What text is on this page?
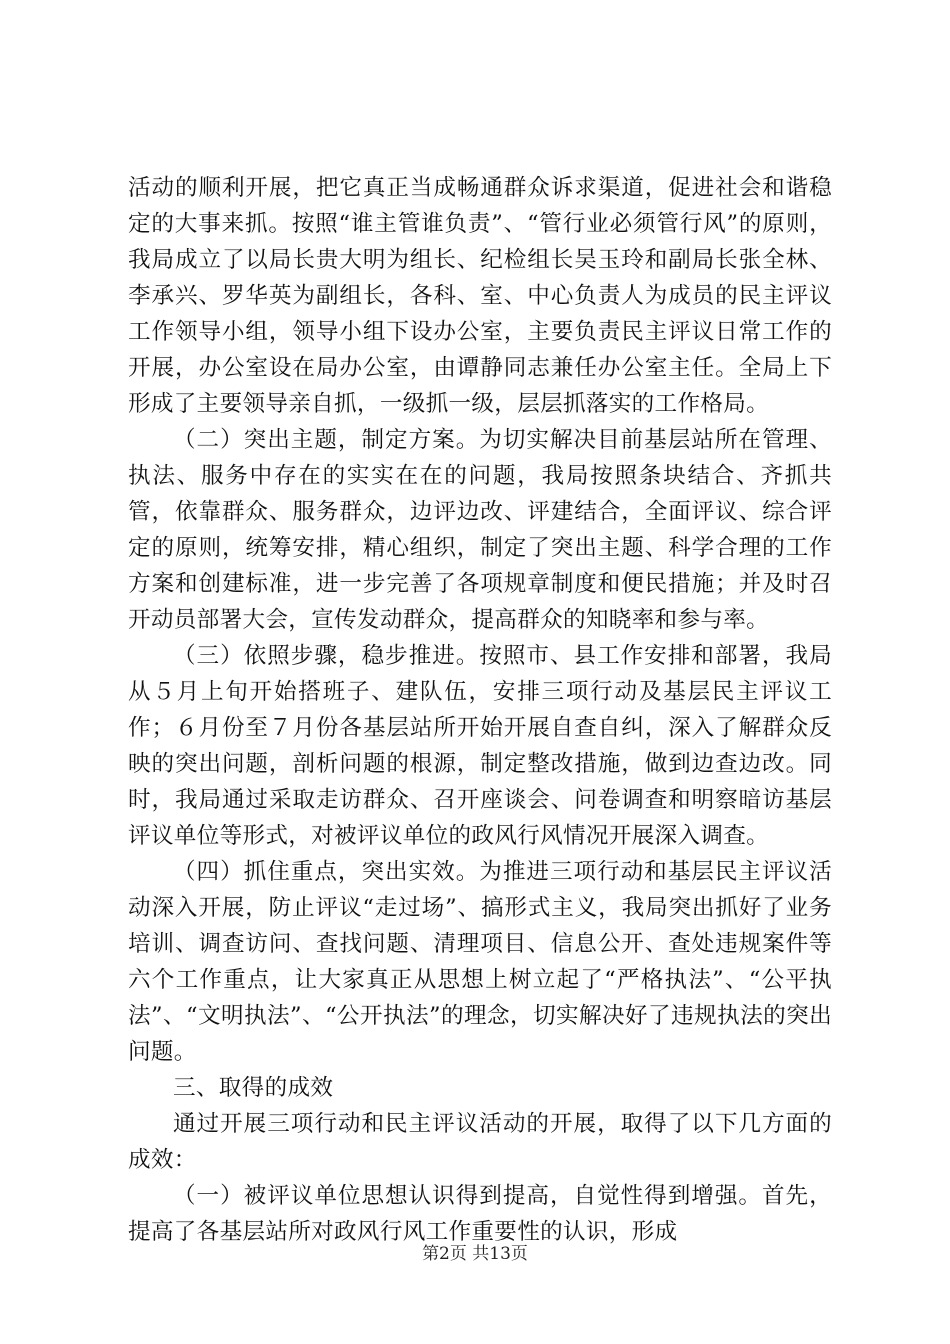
活动的顺利开展，把它真正当成畅通群众诉求渠道，促进社会和谐稳定的大事来抓。按照“谁主管谁负责”、“管行业必须管行风”的原则，我局成立了以局长贵大明为组长、纪检组长吴玉玲和副局长张全林、李承兴、罗华英为副组长，各科、室、中心负责人为成员的民主评议工作领导小组，领导小组下设办公室，主要负责民主评议日常工作的开展，办公室设在局办公室，由谭静同志兼任办公室主任。全局上下形成了主要领导亲自抓，一级抓一级，层层抓落实的工作格局。

（二）突出主题，制定方案。为切实解决目前基层站所在管理、执法、服务中存在的实实在在的问题，我局按照条块结合、齐抓共管，依靠群众、服务群众，边评边改、评建结合，全面评议、综合评定的原则，统筹安排，精心组织，制定了突出主题、科学合理的工作方案和创建标准，进一步完善了各项规章制度和便民措施；并及时召开动员部署大会，宣传发动群众，提高群众的知晓率和参与率。

（三）依照步骤，稳步推进。按照市、县工作安排和部署，我局从５月上旬开始搭班子、建队伍，安排三项行动及基层民主评议工作；６月份至７月份各基层站所开始开展自查自纠，深入了解群众反映的突出问题，剖析问题的根源，制定整改措施，做到边查边改。同时，我局通过采取走访群众、召开座谈会、问卷调查和明察暗访基层评议单位等形式，对被评议单位的政风行风情况开展深入调查。

（四）抓住重点，突出实效。为推进三项行动和基层民主评议活动深入开展，防止评议“走过场”、搞形式主义，我局突出抓好了业务培训、调查访问、查找问题、清理项目、信息公开、查处违规案件等六个工作重点，让大家真正从思想上树立起了“严格执法”、“公平执法”、“文明执法”、“公开执法”的理念，切实解决好了违规执法的突出问题。

三、取得的成效

通过开展三项行动和民主评议活动的开展，取得了以下几方面的成效：

（一）被评议单位思想认识得到提高，自觉性得到增强。首先，提高了各基层站所对政风行风工作重要性的认识，形成

第2页 共13页
